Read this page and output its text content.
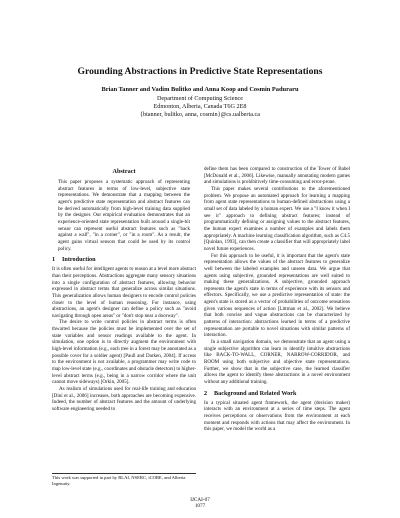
Grounding Abstractions in Predictive State Representations
Brian Tanner and Vadim Bulitko and Anna Koop and Cosmin Paduraru
Department of Computing Science
Edmonton, Alberta, Canada T6G 2E8
{btanner, bulitko, anna, cosmin}@cs.ualberta.ca
Abstract

This paper proposes a systematic approach of representing abstract features in terms of low-level, subjective state representations. We demonstrate that a mapping between the agent's predictive state representation and abstract features can be derived automatically from high-level training data supplied by the designer. Our empirical evaluation demonstrates that an experience-oriented state representation built around a single-bit sensor can represent useful abstract features such as "back against a wall", "in a corner", or "in a room". As a result, the agent gains virtual sensors that could be used by its control policy.

1 Introduction

It is often useful for intelligent agents to reason at a level more abstract than their perceptions. Abstractions aggregate many sensory situations into a single configuration of abstract features, allowing behavior expressed in abstract terms that generalize across similar situations. This generalization allows human designers to encode control policies closer to the level of human reasoning. For instance, using abstractions, an agent's designer can define a policy such as "avoid navigating through open areas" or "don't stop near a doorway".

The desire to write control policies in abstract terms is often thwarted because the policies must be implemented over the set of state variables and sensor readings available to the agent. In simulation, one option is to directly augment the environment with high-level information (e.g., each tree in a forest may be annotated as a possible cover for a soldier agent) [Paull and Darken, 2004]. If access to the environment is not available, a programmer may write code to map low-level state (e.g., coordinates and obstacle detectors) to higher-level abstract terms (e.g., being in a narrow corridor where the unit cannot move sideways) [Orkin, 2005].

As realism of simulations used for real-life training and education [Dini et al., 2006] increases, both approaches are becoming expensive. Indeed, the number of abstract features and the amount of underlying software engineering needed to

This work was supported in part by RLAI, NSERC, iCORE, and Alberta Ingenuity.

define them has been compared to construction of the Tower of Babel [McDonald et al., 2006]. Likewise, manually annotating modern games and simulations is prohibitively time-consuming and error-prone.

This paper makes several contributions to the aforementioned problem. We propose an automated approach for learning a mapping from agent state representations to human-defined abstractions using a small set of data labeled by a human expert. We use a "I know it when I see it" approach to defining abstract features; instead of programmatically defining or assigning values to the abstract features, the human expert examines a number of examples and labels them appropriately. A machine learning classification algorithm, such as C4.5 [Quinlan, 1993], can then create a classifier that will appropriately label novel future experiences.

For this approach to be useful, it is important that the agent's state representation allows the values of the abstract features to generalize well between the labeled examples and unseen data. We argue that agents using subjective, grounded representations are well suited to making these generalizations. A subjective, grounded approach represents the agent's state in terms of experience with its sensors and effectors. Specifically, we use a predictive representation of state: the agent's state is stored as a vector of probabilities of outcome sensations given various sequences of action [Littman et al., 2002]. We believe that both concise and vague abstractions can be characterized by patterns of interaction: abstractions learned in terms of a predictive representation are portable to novel situations with similar patterns of interaction.

In a small navigation domain, we demonstrate that an agent using a single subjective algorithm can learn to identify intuitive abstractions like BACK-TO-WALL, CORNER, NARROW-CORRIDOR, and ROOM using both subjective and objective state representations. Further, we show that in the subjective case, the learned classifier allows the agent to identify these abstractions in a novel environment without any additional training.

2 Background and Related Work

In a typical situated agent framework, the agent (decision maker) interacts with an environment at a series of time steps. The agent receives perceptions or observations from the environment at each moment and responds with actions that may affect the environment. In this paper, we model the world as a

IJCAI-07
1077
